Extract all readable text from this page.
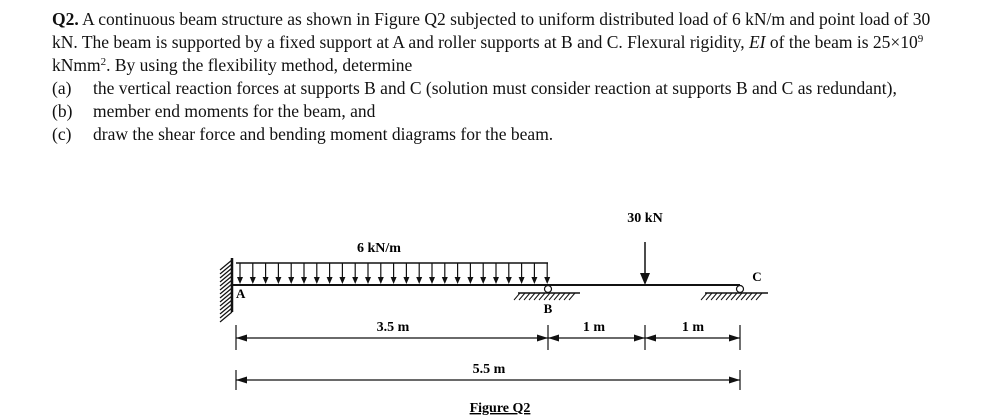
Q2. A continuous beam structure as shown in Figure Q2 subjected to uniform distributed load of 6 kN/m and point load of 30 kN. The beam is supported by a fixed support at A and roller supports at B and C. Flexural rigidity, EI of the beam is $25\times 10^9$ kNmm$^2$. By using the flexibility method, determine

(a) the vertical reaction forces at supports B and C (solution must consider reaction at supports B and C as redundant),

(b) member end moments for the beam, and

(c) draw the shear force and bending moment diagrams for the beam.

6 kN/m
30 kN
B
C
A
3.5 m	1 m	1 m
5.5 m
Figure Q2
